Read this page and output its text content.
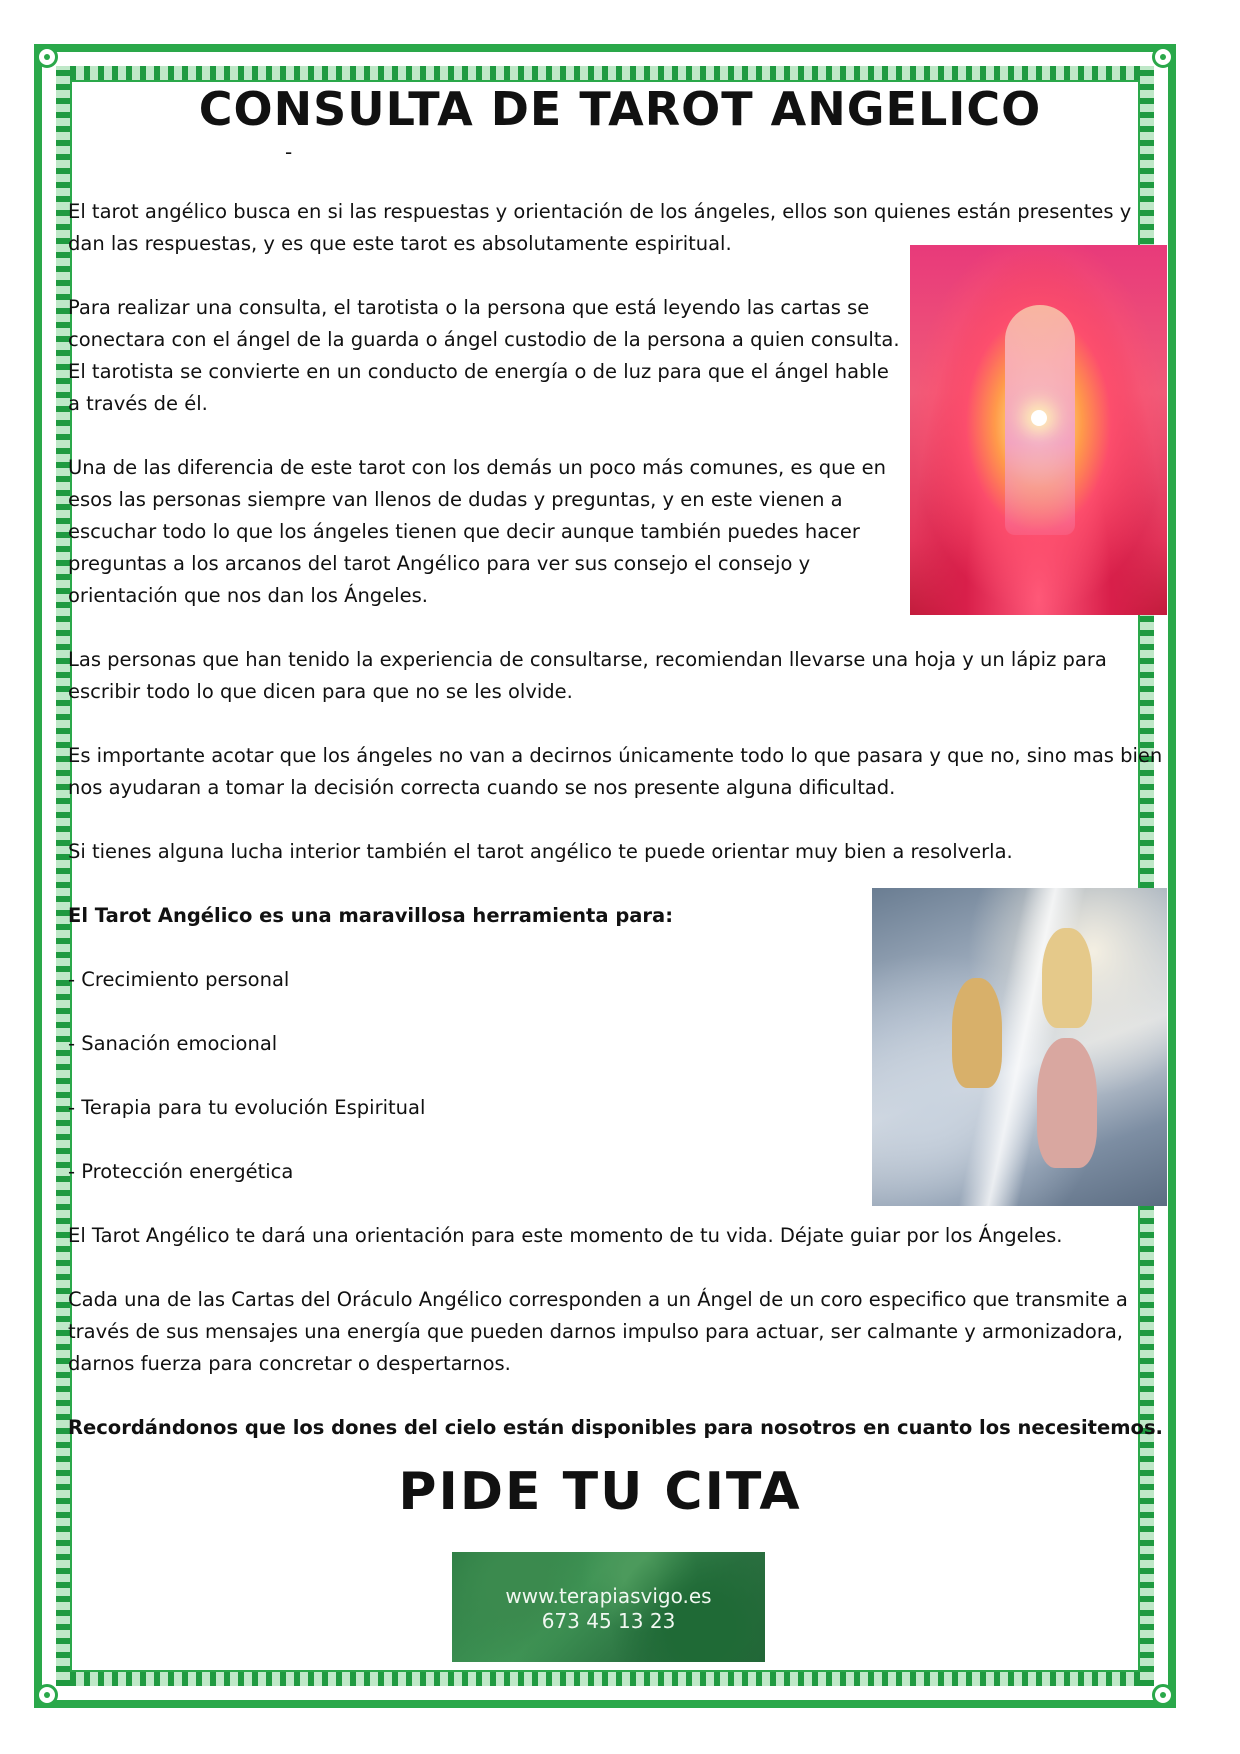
CONSULTA DE TAROT ANGELICO
-

El tarot angélico busca en si las respuestas y orientación de los ángeles, ellos son quienes están presentes y dan las respuestas, y es que este tarot es absolutamente espiritual.

Para realizar una consulta, el tarotista o la persona que está leyendo las cartas se conectara con el ángel de la guarda o ángel custodio de la persona a quien consulta. El tarotista se convierte en un conducto de energía o de luz para que el ángel hable a través de él.

Una de las diferencia de este tarot con los demás un poco más comunes, es que en esos las personas siempre van llenos de dudas y preguntas, y en este vienen a escuchar todo lo que los ángeles tienen que decir aunque también puedes hacer preguntas a los arcanos del tarot Angélico para ver sus consejo el consejo y orientación que nos dan los Ángeles.

Las personas que han tenido la experiencia de consultarse, recomiendan llevarse una hoja y un lápiz para escribir todo lo que dicen para que no se les olvide.

Es importante acotar que los ángeles no van a decirnos únicamente todo lo que pasara y que no, sino mas bien nos ayudaran a tomar la decisión correcta cuando se nos presente alguna dificultad.

Si tienes alguna lucha interior también el tarot angélico te puede orientar muy bien a resolverla.

El Tarot Angélico es una maravillosa herramienta para:

- Crecimiento personal
- Sanación emocional
- Terapia para tu evolución Espiritual
- Protección energética

El Tarot Angélico te dará una orientación para este momento de tu vida. Déjate guiar por los Ángeles.

Cada una de las Cartas del Oráculo Angélico corresponden a un Ángel de un coro especifico que transmite a través de sus mensajes una energía que pueden darnos impulso para actuar, ser calmante y armonizadora, darnos fuerza para concretar o despertarnos.

Recordándonos que los dones del cielo están disponibles para nosotros en cuanto los necesitemos.

PIDE TU CITA
www.terapiasvigo.es
673 45 13 23
